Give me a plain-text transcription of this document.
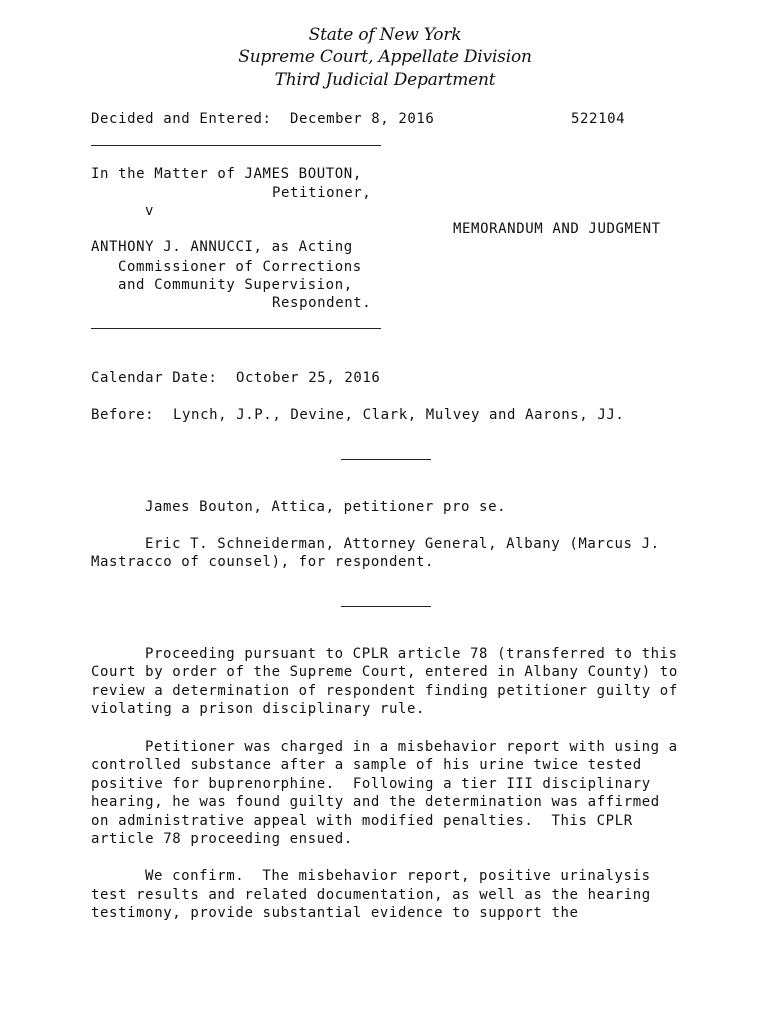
State of New York
Supreme Court, Appellate Division
Third Judicial Department
Decided and Entered: December 8, 2016	522104
In the Matter of JAMES BOUTON,
Petitioner,
v
MEMORANDUM AND JUDGMENT
ANTHONY J. ANNUCCI, as Acting
Commissioner of Corrections
and Community Supervision,
Respondent.
Calendar Date: October 25, 2016
Before: Lynch, J.P., Devine, Clark, Mulvey and Aarons, JJ.
James Bouton, Attica, petitioner pro se.
Eric T. Schneiderman, Attorney General, Albany (Marcus J.
Mastracco of counsel), for respondent.
Proceeding pursuant to CPLR article 78 (transferred to this
Court by order of the Supreme Court, entered in Albany County) to
review a determination of respondent finding petitioner guilty of
violating a prison disciplinary rule.
Petitioner was charged in a misbehavior report with using a
controlled substance after a sample of his urine twice tested
positive for buprenorphine.  Following a tier III disciplinary
hearing, he was found guilty and the determination was affirmed
on administrative appeal with modified penalties.  This CPLR
article 78 proceeding ensued.
We confirm.  The misbehavior report, positive urinalysis
test results and related documentation, as well as the hearing
testimony, provide substantial evidence to support the
